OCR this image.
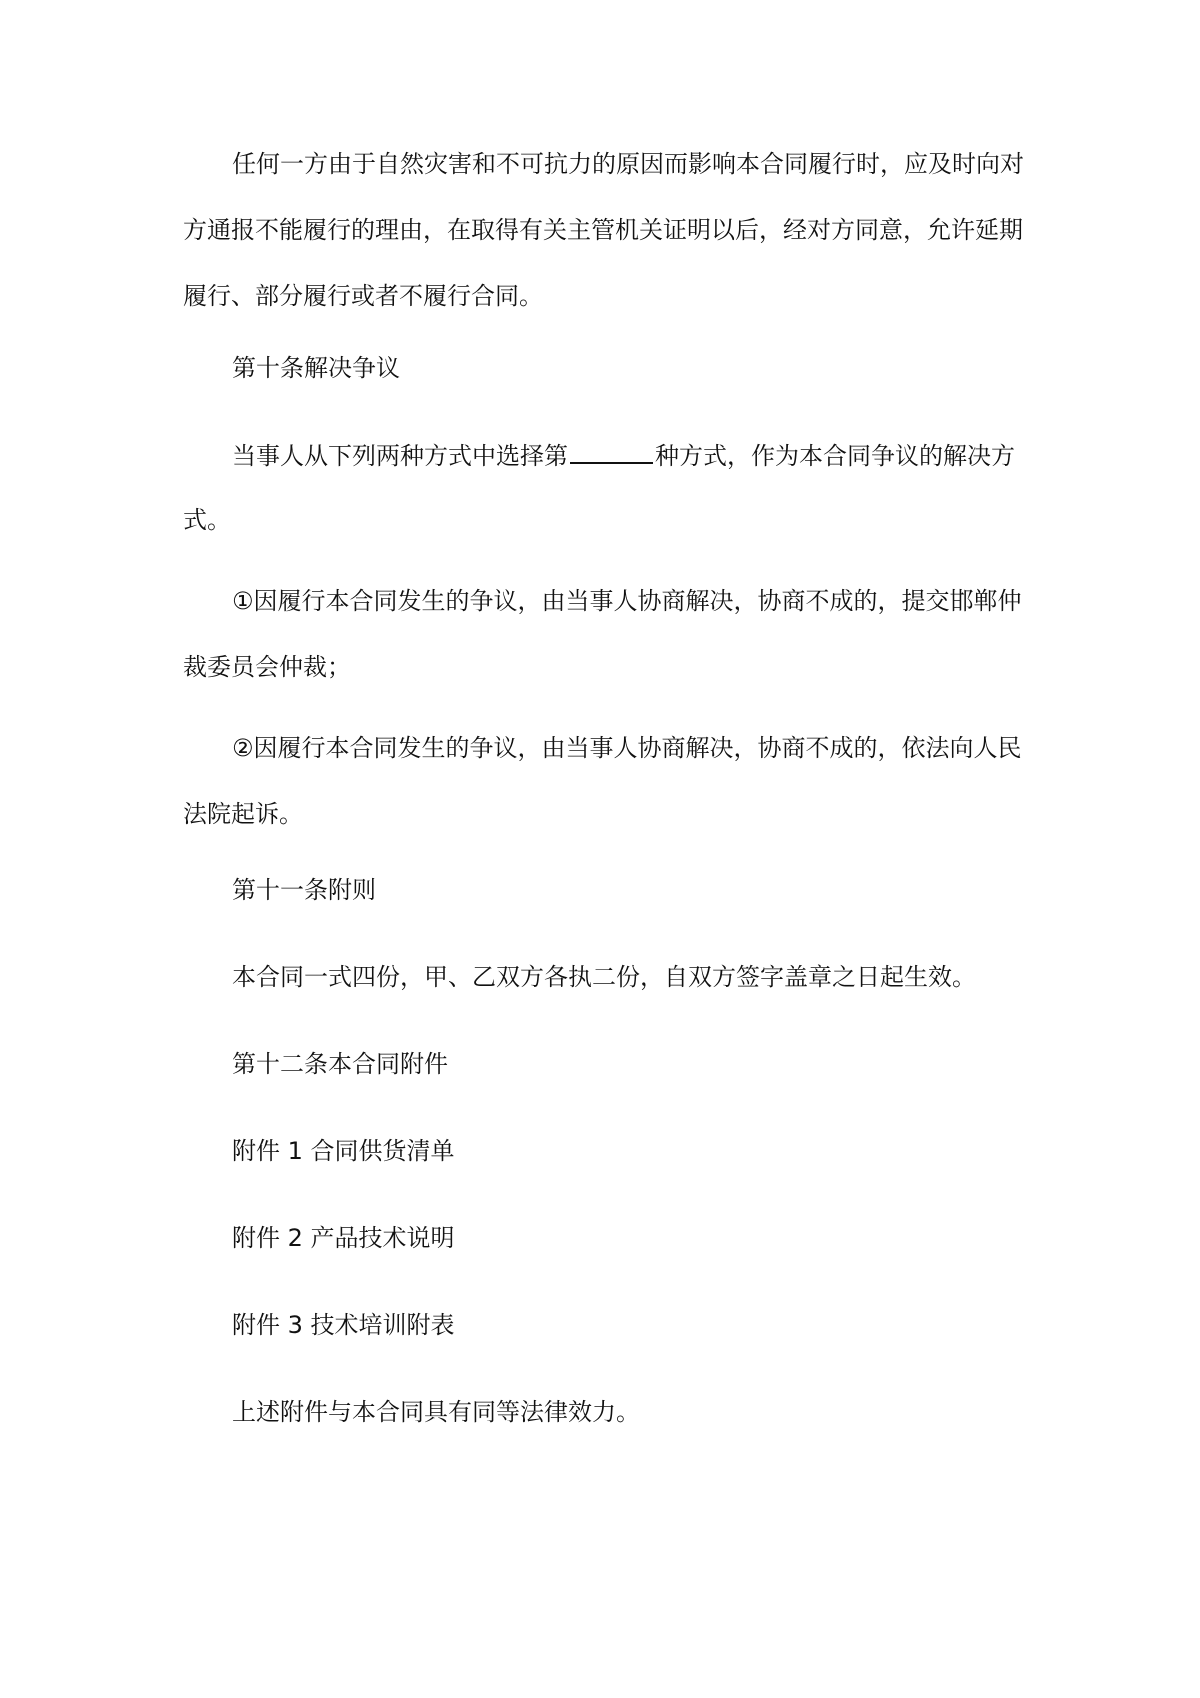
任何一方由于自然灾害和不可抗力的原因而影响本合同履行时，应及时向对
方通报不能履行的理由，在取得有关主管机关证明以后，经对方同意，允许延期
履行、部分履行或者不履行合同。
第十条解决争议
当事人从下列两种方式中选择第	种方式，作为本合同争议的解决方
式。
①因履行本合同发生的争议，由当事人协商解决，协商不成的，提交邯郸仲
裁委员会仲裁；
②因履行本合同发生的争议，由当事人协商解决，协商不成的，依法向人民
法院起诉。
第十一条附则
本合同一式四份，甲、乙双方各执二份，自双方签字盖章之日起生效。
第十二条本合同附件
附件 1 合同供货清单
附件 2 产品技术说明
附件 3 技术培训附表
上述附件与本合同具有同等法律效力。
